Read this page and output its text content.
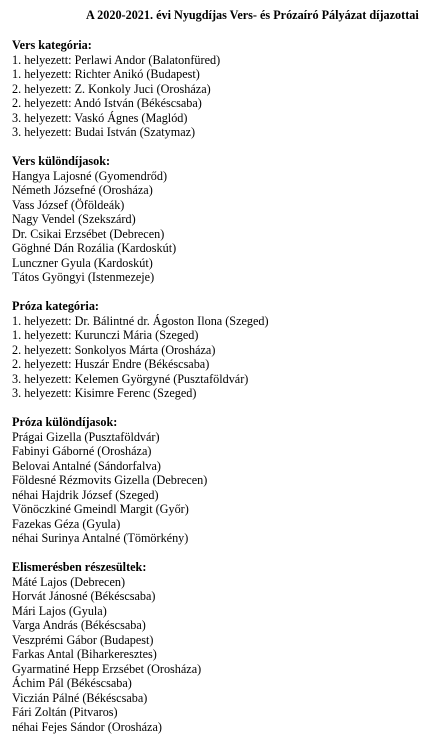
A 2020-2021. évi Nyugdíjas Vers- és Prózaíró Pályázat díjazottai
Vers kategória:
1. helyezett: Perlawi Andor (Balatonfüred)
1. helyezett: Richter Anikó (Budapest)
2. helyezett: Z. Konkoly Juci (Orosháza)
2. helyezett: Andó István (Békéscsaba)
3. helyezett: Vaskó Ágnes (Maglód)
3. helyezett: Budai István (Szatymaz)
Vers különdíjasok:
Hangya Lajosné (Gyomendrőd)
Németh Józsefné (Orosháza)
Vass József (Öföldeák)
Nagy Vendel (Szekszárd)
Dr. Csikai Erzsébet (Debrecen)
Göghné Dán Rozália (Kardoskút)
Lunczner Gyula (Kardoskút)
Tátos Gyöngyi (Istenmezeje)
Próza kategória:
1. helyezett: Dr. Bálintné dr. Ágoston Ilona (Szeged)
1. helyezett: Kurunczi Mária (Szeged)
2. helyezett: Sonkolyos Márta (Orosháza)
2. helyezett: Huszár Endre (Békéscsaba)
3. helyezett: Kelemen Györgyné (Pusztaföldvár)
3. helyezett: Kisimre Ferenc (Szeged)
Próza különdíjasok:
Prágai Gizella (Pusztaföldvár)
Fabinyi Gáborné (Orosháza)
Belovai Antalné (Sándorfalva)
Földesné Rézmovits Gizella (Debrecen)
néhai Hajdrik József (Szeged)
Vönöczkiné Gmeindl Margit (Győr)
Fazekas Géza (Gyula)
néhai Surinya Antalné (Tömörkény)
Elismerésben részesültek:
Máté Lajos (Debrecen)
Horvát Jánosné (Békéscsaba)
Mári Lajos (Gyula)
Varga András (Békéscsaba)
Veszprémi Gábor (Budapest)
Farkas Antal (Biharkeresztes)
Gyarmatiné Hepp Erzsébet (Orosháza)
Áchim Pál (Békéscsaba)
Viczián Pálné (Békéscsaba)
Fári Zoltán (Pitvaros)
néhai Fejes Sándor (Orosháza)
